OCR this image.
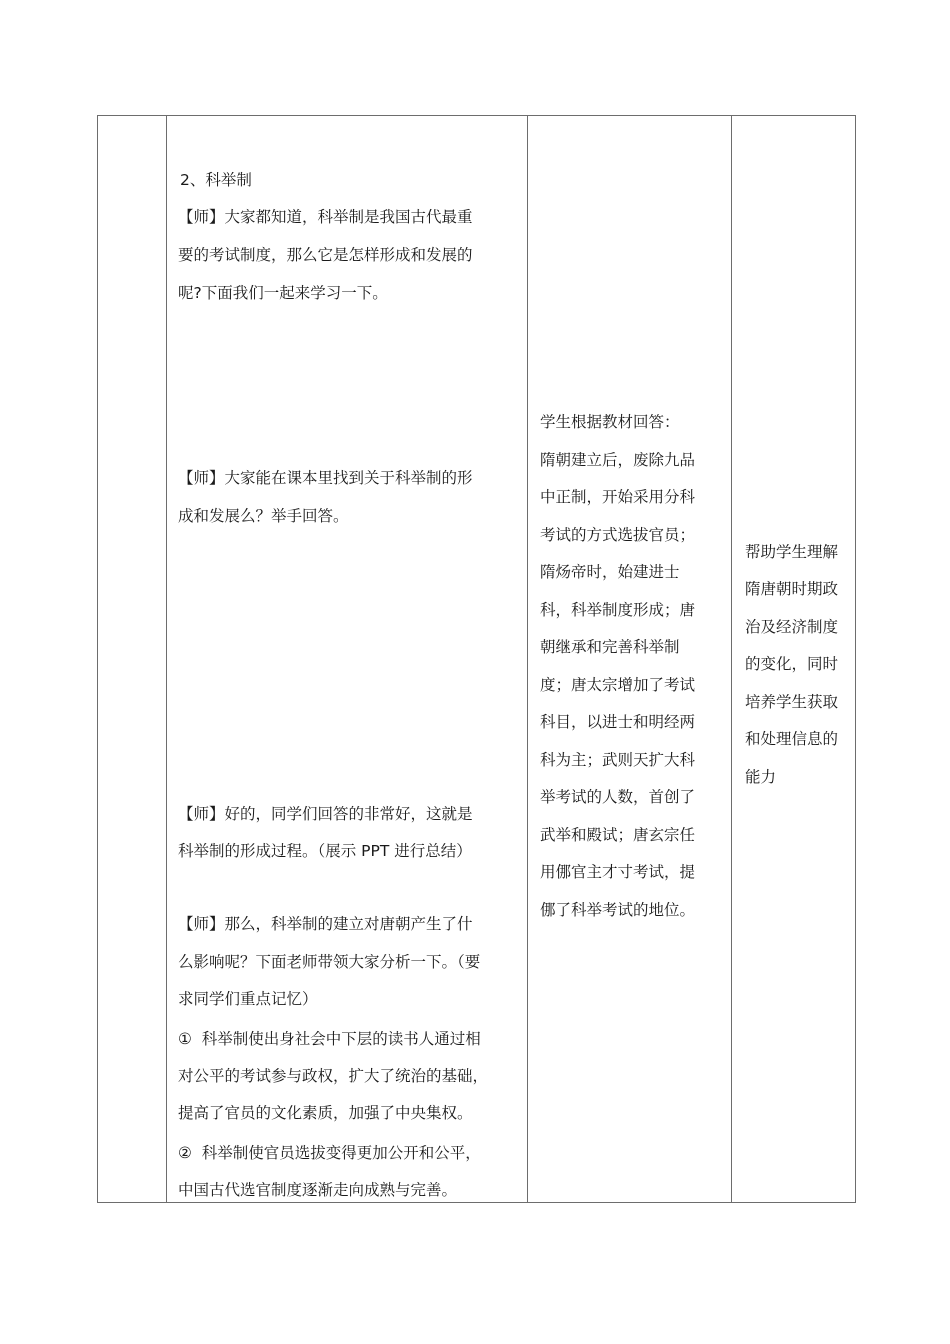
2、科举制
【师】大家都知道，科举制是我国古代最重
要的考试制度，那么它是怎样形成和发展的
呢?下面我们一起来学习一下。
【师】大家能在课本里找到关于科举制的形
成和发展么？举手回答。
【师】好的，同学们回答的非常好，这就是
科举制的形成过程。（展示 PPT 进行总结）
【师】那么，科举制的建立对唐朝产生了什
么影响呢？下面老师带领大家分析一下。（要
求同学们重点记忆）
①  科举制使出身社会中下层的读书人通过相
对公平的考试参与政权，扩大了统治的基础，
提高了官员的文化素质，加强了中央集权。
②  科举制使官员选拔变得更加公开和公平，
中国古代选官制度逐渐走向成熟与完善。
学生根据教材回答：
隋朝建立后，废除九品
中正制，开始采用分科
考试的方式选拔官员；
隋炀帝时，始建进士
科，科举制度形成；唐
朝继承和完善科举制
度；唐太宗增加了考试
科目，以进士和明经两
科为主；武则天扩大科
举考试的人数，首创了
武举和殿试；唐玄宗任
用㑚官主才寸考试，提
㑚了科举考试的地位。
帮助学生理解
隋唐朝时期政
治及经济制度
的变化，同时
培养学生获取
和处理信息的
能力
